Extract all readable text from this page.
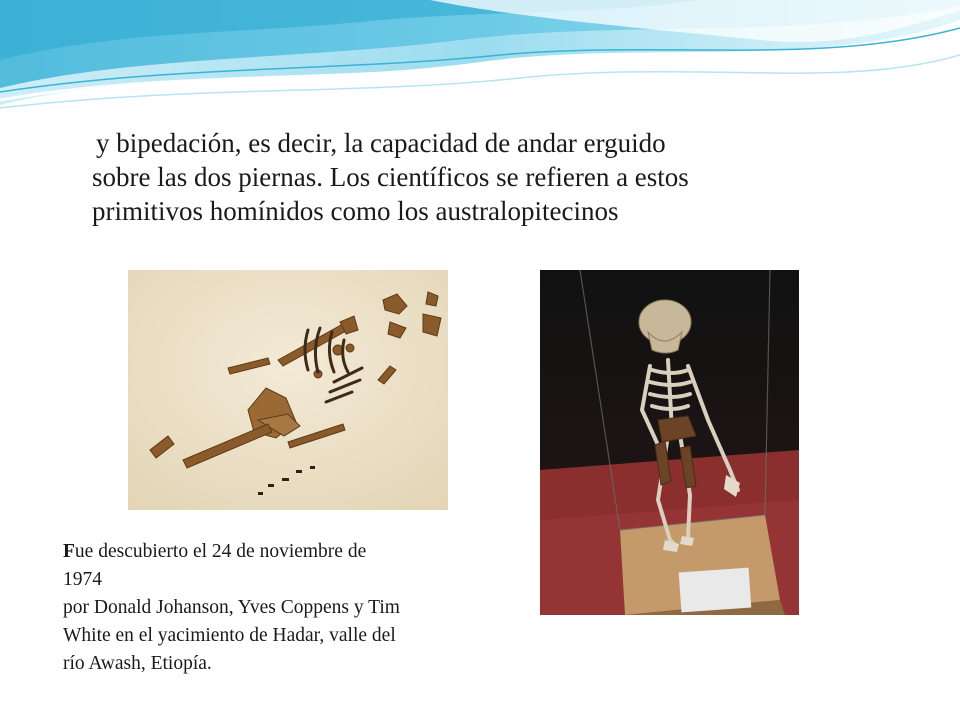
y bipedación, es decir, la capacidad de andar erguido
sobre las dos piernas. Los científicos se refieren a estos
primitivos homínidos como los australopitecinos

Fue descubierto el 24 de noviembre de
1974
por Donald Johanson, Yves Coppens y Tim
White en el yacimiento de Hadar, valle del
río Awash, Etiopía.
